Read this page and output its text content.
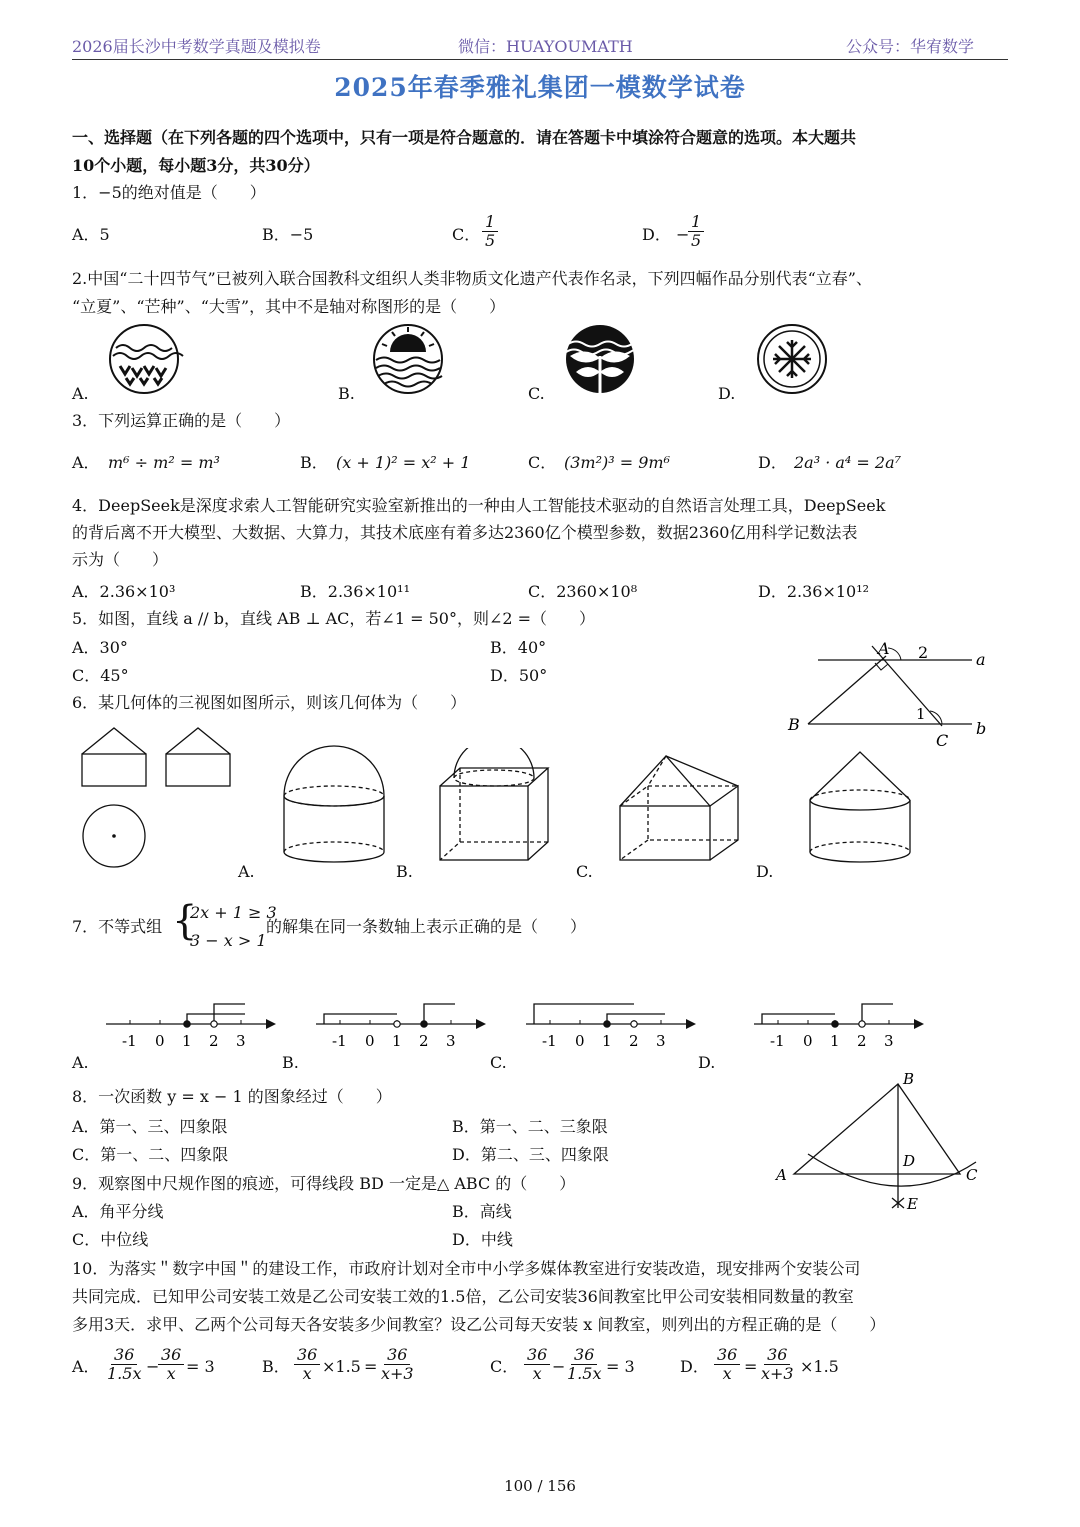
2026届长沙中考数学真题及模拟卷	微信：HUAYOUMATH	公众号：华宥数学
2025年春季雅礼集团一模数学试卷
一、选择题（在下列各题的四个选项中，只有一项是符合题意的．请在答题卡中填涂符合题意的选项。本大题共
10个小题，每小题3分，共30分）
1．−5的绝对值是（　　）
A．5	B．−5	C． $\frac{1}{5}$	D． −
$\frac{1}{5}$
2.中国“二十四节气”已被列入联合国教科文组织人类非物质文化遗产代表作名录，下列四幅作品分别代表“立春”、
“立夏”、“芒种”、“大雪”，其中不是轴对称图形的是（　　）
A.	B.	C.	D.
3．下列运算正确的是（　　）
A． m⁶ ÷ m² = m³	B． (x + 1)² = x² + 1	C． (3m²)³ = 9m⁶	D． 2a³ · a⁴ = 2a⁷
4．DeepSeek是深度求索人工智能研究实验室新推出的一种由人工智能技术驱动的自然语言处理工具，DeepSeek
的背后离不开大模型、大数据、大算力，其技术底座有着多达2360亿个模型参数，数据2360亿用科学记数法表
示为（　　）
A．2.36×10³	B．2.36×10¹¹	C．2360×10⁸	D．2.36×10¹²
5．如图，直线 a // b，直线 AB ⊥ AC，若∠1 = 50°，则∠2 =（　　）
A．30°	B．40°
C．45°	D．50°
A 2	a
B
1
C
b
6．某几何体的三视图如图所示，则该几何体为（　　）
A.	B.	C.	D.
7．不等式组 {
2x + 1 ≥ 3
3 − x > 1
的解集在同一条数轴上表示正确的是（　　）
-1 0 1 2 3	-1 0 1 2 3	-1 0 1 2 3	-1 0 1 2 3
A.	B.	C.	D.
8．一次函数 y = x − 1 的图象经过（　　）
A．第一、三、四象限	B．第一、二、三象限
C．第一、二、四象限	D．第二、三、四象限
9．观察图中尺规作图的痕迹，可得线段 BD 一定是△ ABC 的（　　）
A．角平分线	B．高线
C．中位线	D．中线
B
A	C
D
E
10．为落实＂数字中国＂的建设工作，市政府计划对全市中小学多媒体教室进行安装改造，现安排两个安装公司
共同完成．已知甲公司安装工效是乙公司安装工效的1.5倍，乙公司安装36间教室比甲公司安装相同数量的教室
多用3天．求甲、乙两个公司每天各安装多少间教室？设乙公司每天安装 x 间教室，则列出的方程正确的是（　　）
A． $\frac{36}{1.5x}$ −
$\frac{36}{x} = 3$	B． $\frac{36}{x} \times 1.5 = \frac{36}{x+3}$	C． $\frac{36}{x}$ −
$\frac{36}{1.5x} = 3$	D． $\frac{36}{x} = \frac{36}{x+3} \times 1.5$
100 / 156
